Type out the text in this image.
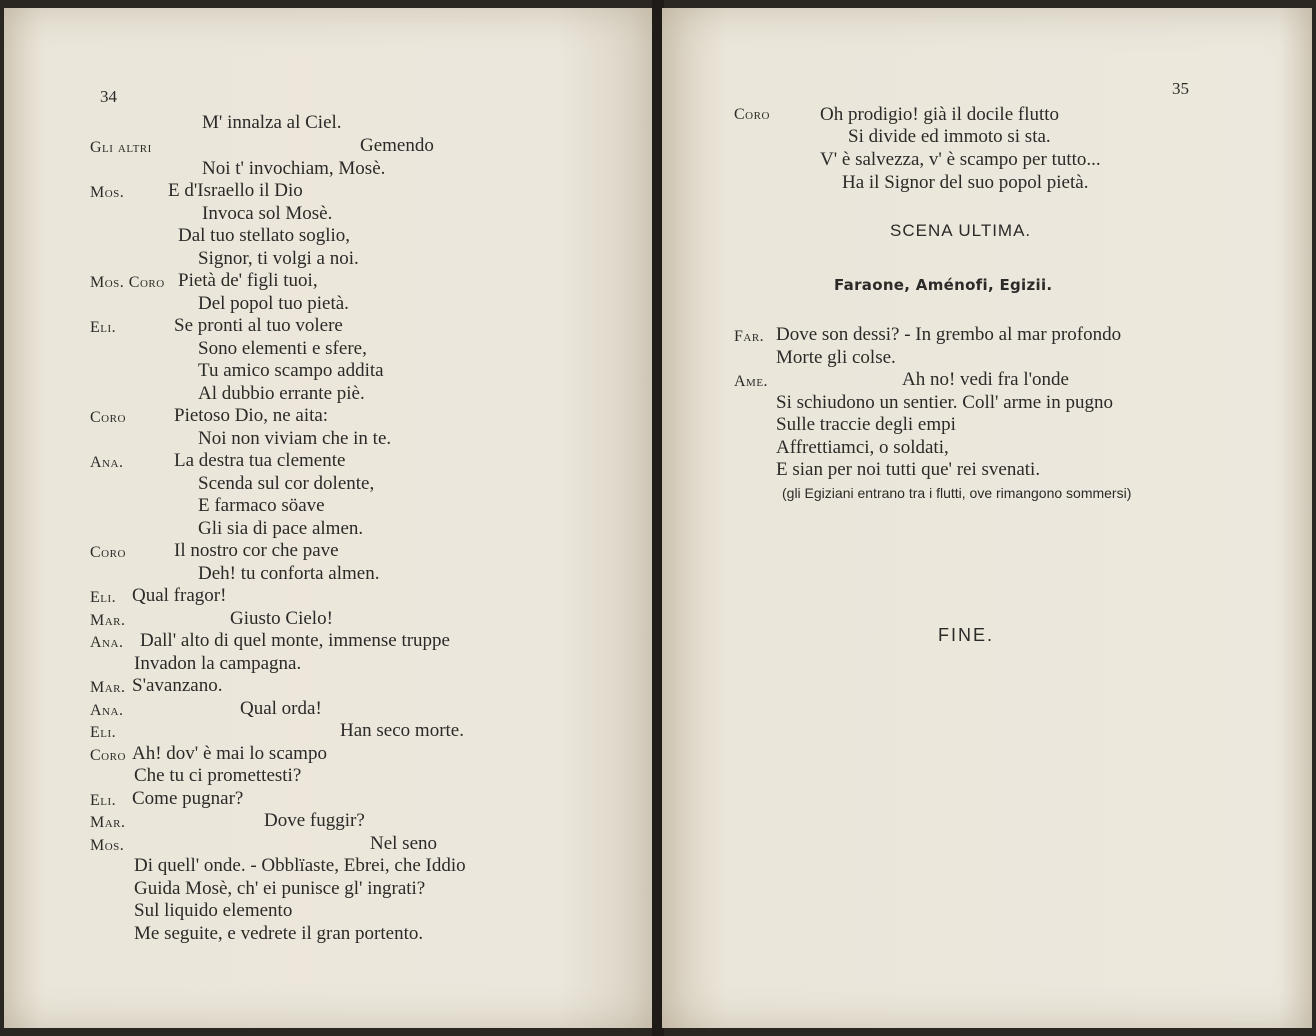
34
M' innalza al Ciel.
Gli altri	Gemendo
Noi t' invochiam, Mosè.
Mos. E d'Israello il Dio
Invoca sol Mosè.
Dal tuo stellato soglio,
Signor, ti volgi a noi.
Mos. Coro Pietà de' figli tuoi,
Del popol tuo pietà.
Eli.	Se pronti al tuo volere
Sono elementi e sfere,
Tu amico scampo addita
Al dubbio errante piè.
Coro	Pietoso Dio, ne aita:
Noi non viviam che in te.
Ana.	La destra tua clemente
Scenda sul cor dolente,
E farmaco söave
Gli sia di pace almen.
Coro	Il nostro cor che pave
Deh! tu conforta almen.
Eli. Qual fragor!
Mar.	Giusto Cielo!
Ana. Dall' alto di quel monte, immense truppe
Invadon la campagna.
Mar. S'avanzano.
Ana.	Qual orda!
Eli.	Han seco morte.
Coro Ah! dov' è mai lo scampo
Che tu ci promettesti?
Eli. Come pugnar?
Mar.	Dove fuggir?
Mos.	Nel seno
Di quell' onde. - Obblïaste, Ebrei, che Iddio
Guida Mosè, ch' ei punisce gl' ingrati?
Sul liquido elemento
Me seguite, e vedrete il gran portento.
35
Coro	Oh prodigio! già il docile flutto
Si divide ed immoto si sta.
V' è salvezza, v' è scampo per tutto...
Ha il Signor del suo popol pietà.
SCENA ULTIMA.
Faraone, Aménofi, Egizii.
Far. Dove son dessi? - In grembo al mar profondo
Morte gli colse.
Ame.	Ah no! vedi fra l'onde
Si schiudono un sentier. Coll' arme in pugno
Sulle traccie degli empi
Affrettiamci, o soldati,
E sian per noi tutti que' rei svenati.
(gli Egiziani entrano tra i flutti, ove rimangono sommersi)
FINE.
